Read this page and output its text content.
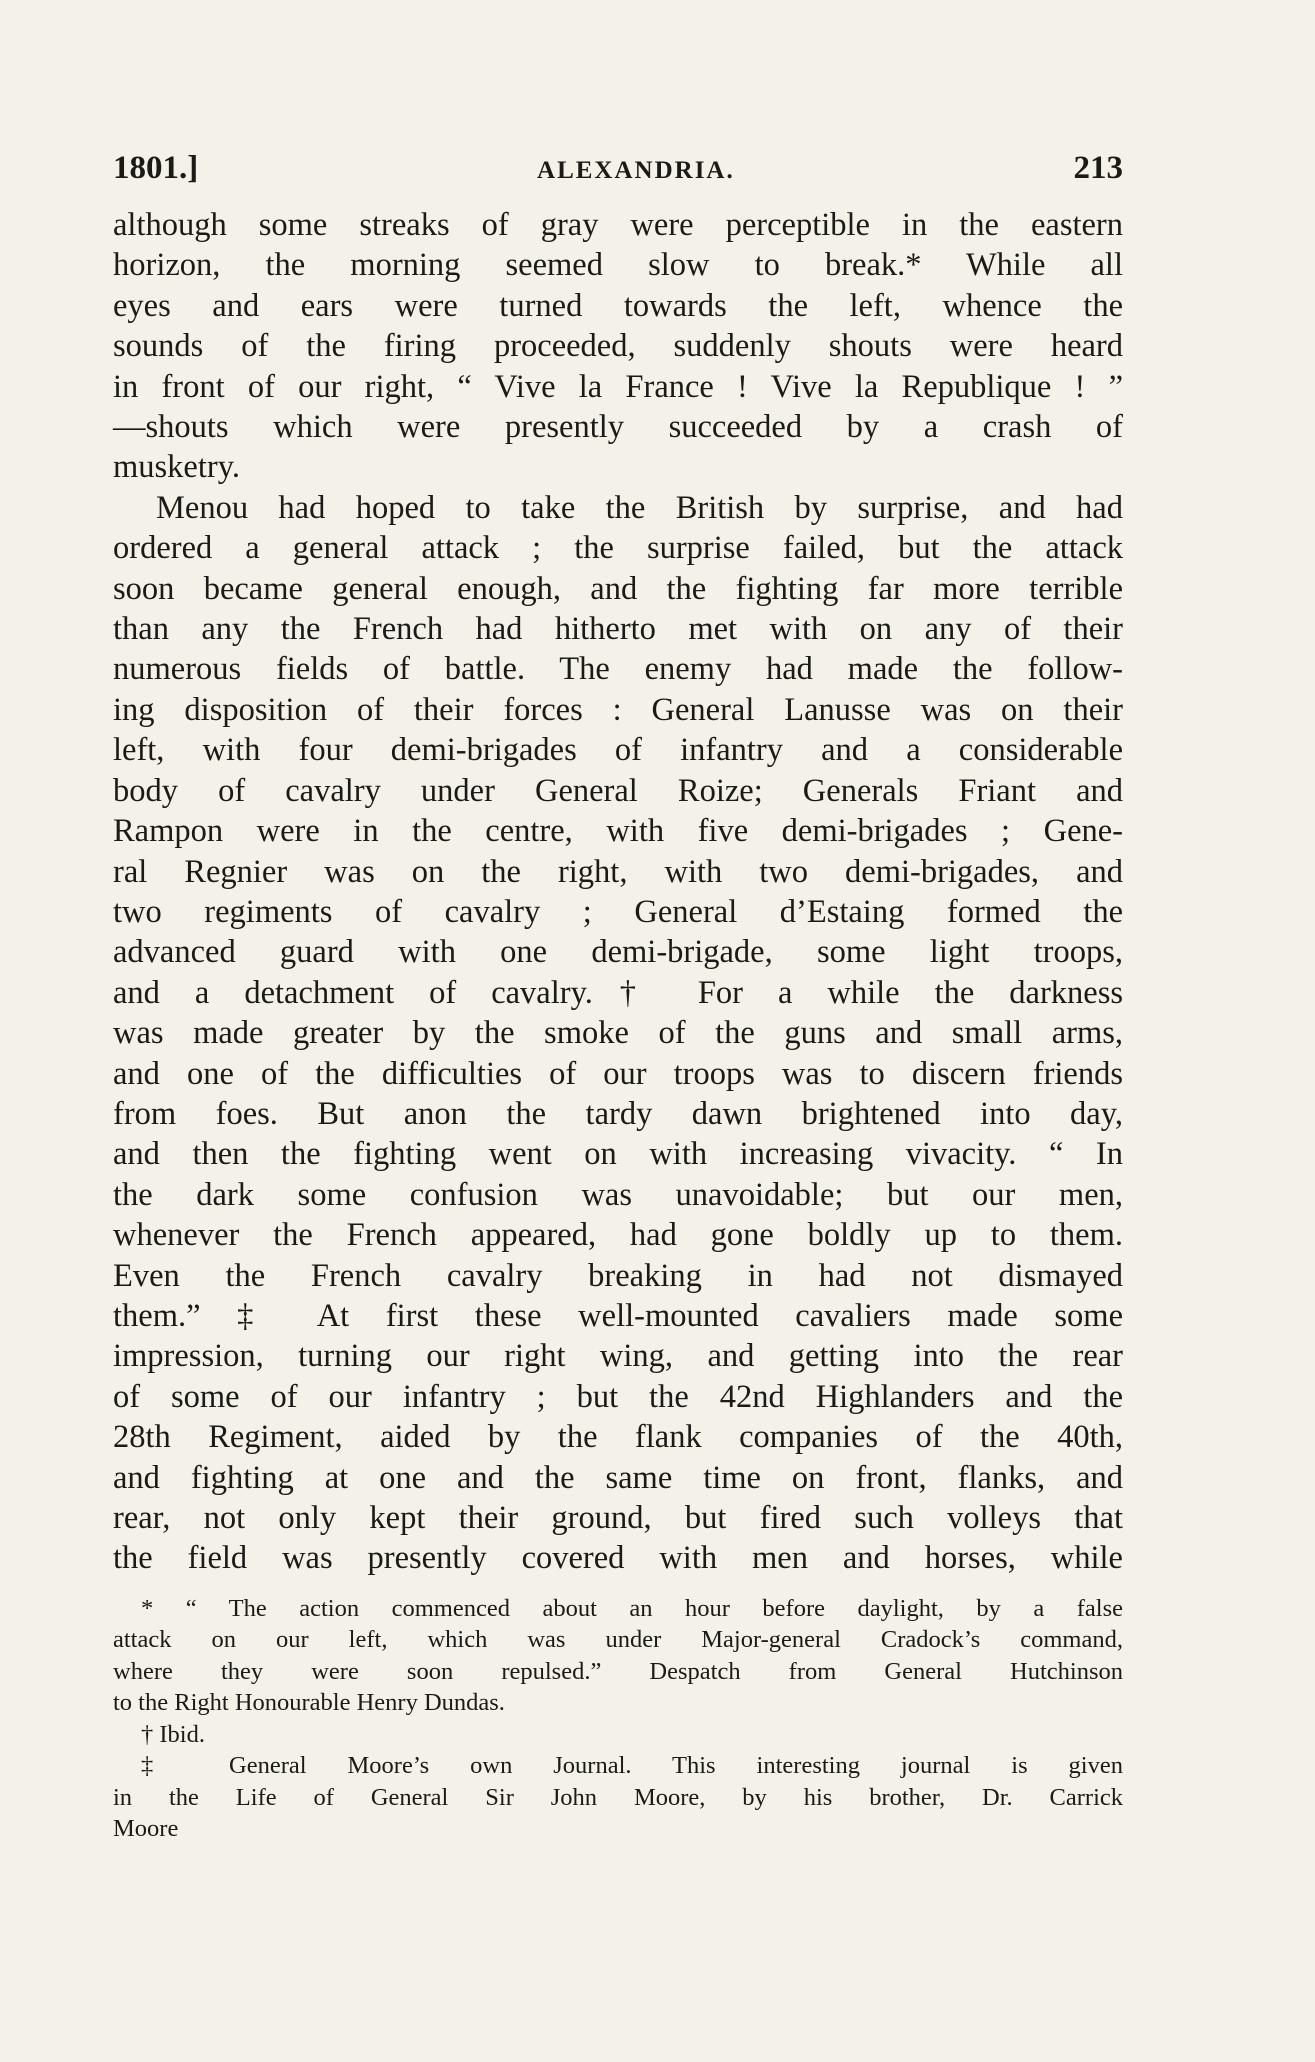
1801.]	ALEXANDRIA.	213
although some streaks of gray were perceptible in the eastern
horizon, the morning seemed slow to break.* While all
eyes and ears were turned towards the left, whence the
sounds of the firing proceeded, suddenly shouts were heard
in front of our right, “ Vive la France ! Vive la Republique ! ”
—shouts which were presently succeeded by a crash of
musketry.
Menou had hoped to take the British by surprise, and had
ordered a general attack ; the surprise failed, but the attack
soon became general enough, and the fighting far more terrible
than any the French had hitherto met with on any of their
numerous fields of battle. The enemy had made the follow-
ing disposition of their forces : General Lanusse was on their
left, with four demi-brigades of infantry and a considerable
body of cavalry under General Roize; Generals Friant and
Rampon were in the centre, with five demi-brigades ; Gene-
ral Regnier was on the right, with two demi-brigades, and
two regiments of cavalry ; General d’Estaing formed the
advanced guard with one demi-brigade, some light troops,
and a detachment of cavalry.† For a while the darkness
was made greater by the smoke of the guns and small arms,
and one of the difficulties of our troops was to discern friends
from foes. But anon the tardy dawn brightened into day,
and then the fighting went on with increasing vivacity. “ In
the dark some confusion was unavoidable; but our men,
whenever the French appeared, had gone boldly up to them.
Even the French cavalry breaking in had not dismayed
them.” ‡ At first these well-mounted cavaliers made some
impression, turning our right wing, and getting into the rear
of some of our infantry ; but the 42nd Highlanders and the
28th Regiment, aided by the flank companies of the 40th,
and fighting at one and the same time on front, flanks, and
rear, not only kept their ground, but fired such volleys that
the field was presently covered with men and horses, while
* “ The action commenced about an hour before daylight, by a false
attack on our left, which was under Major-general Cradock’s command,
where they were soon repulsed.” Despatch from General Hutchinson
to the Right Honourable Henry Dundas.
† Ibid.
‡ General Moore’s own Journal. This interesting journal is given
in the Life of General Sir John Moore, by his brother, Dr. Carrick
Moore
